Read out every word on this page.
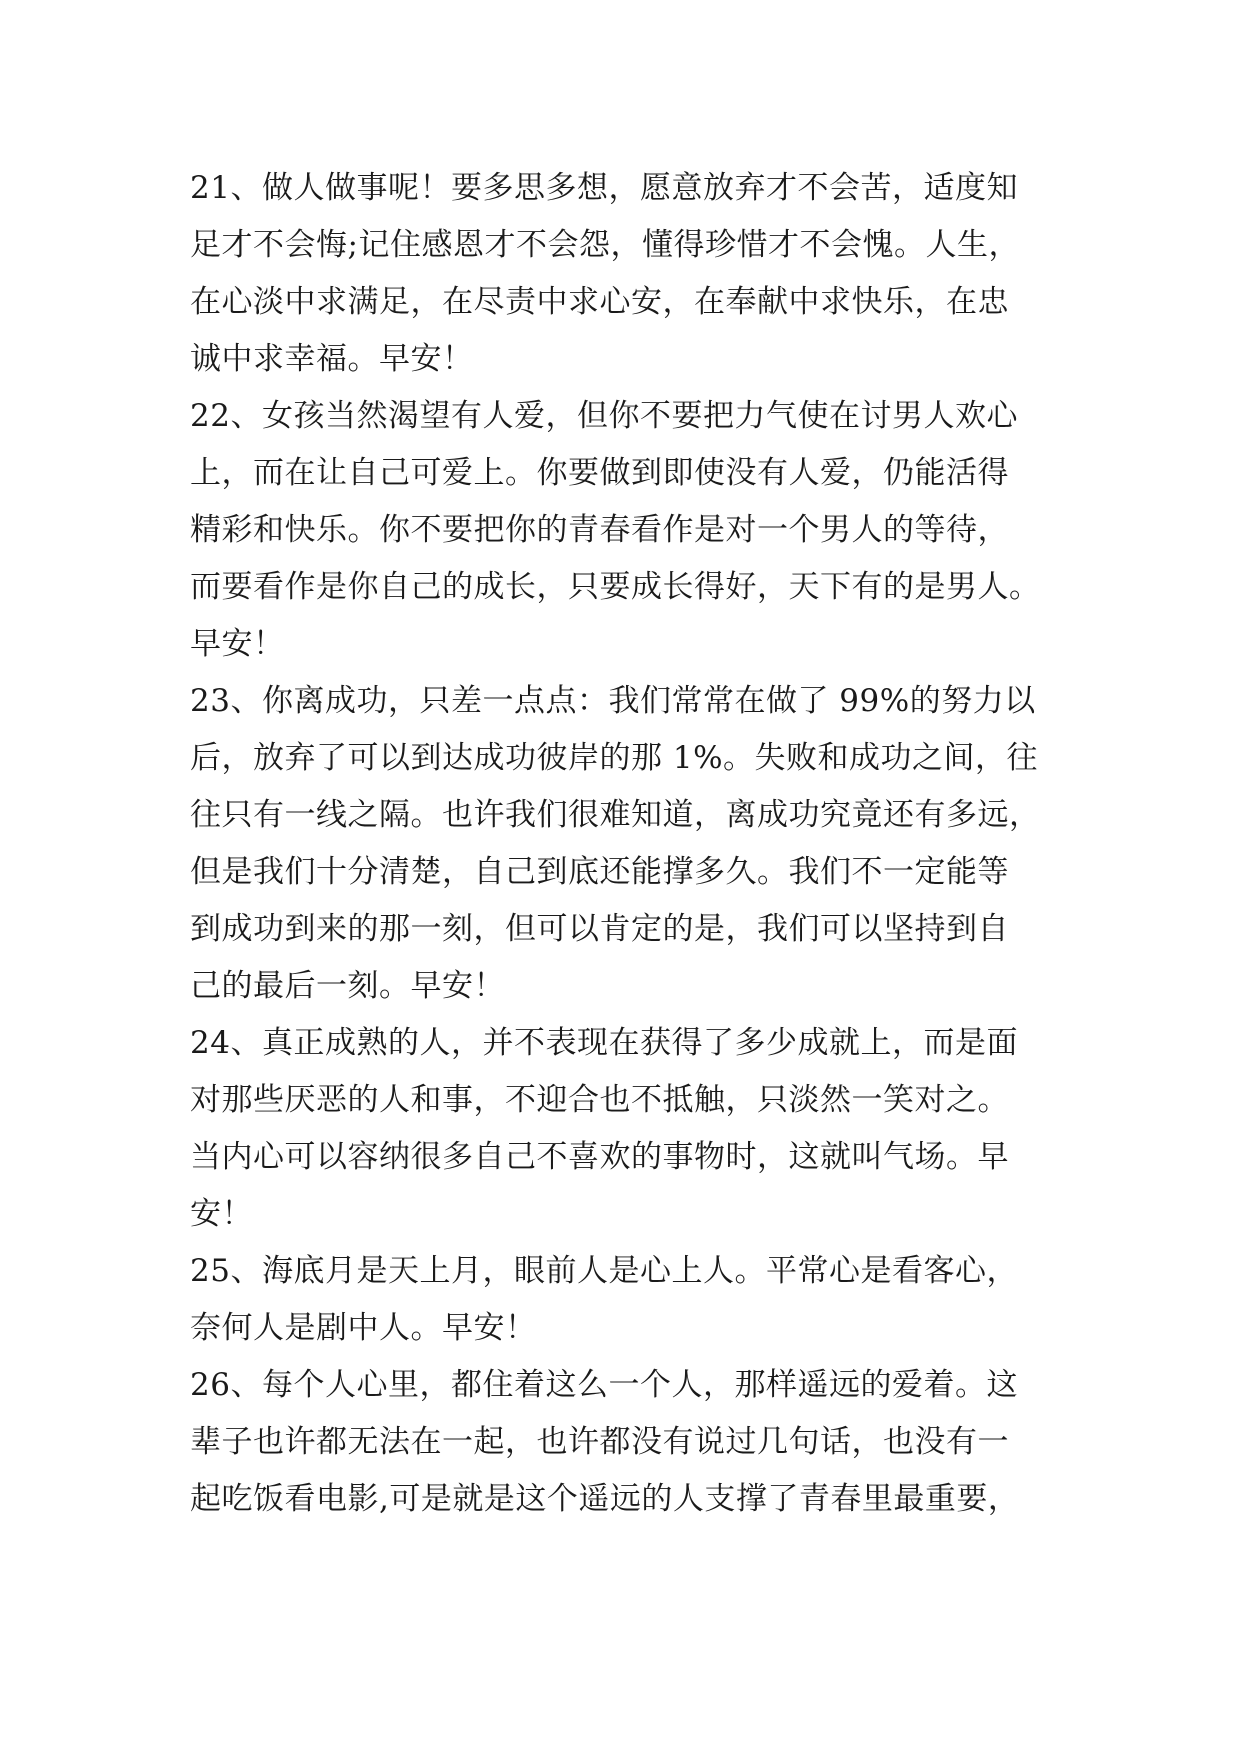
21、做人做事呢！要多思多想，愿意放弃才不会苦，适度知
足才不会悔;记住感恩才不会怨，懂得珍惜才不会愧。人生，
在心淡中求满足，在尽责中求心安，在奉献中求快乐，在忠
诚中求幸福。早安！
22、女孩当然渴望有人爱，但你不要把力气使在讨男人欢心
上，而在让自己可爱上。你要做到即使没有人爱，仍能活得
精彩和快乐。你不要把你的青春看作是对一个男人的等待，
而要看作是你自己的成长，只要成长得好，天下有的是男人。
早安！
23、你离成功，只差一点点：我们常常在做了 99%的努力以
后，放弃了可以到达成功彼岸的那 1%。失败和成功之间，往
往只有一线之隔。也许我们很难知道，离成功究竟还有多远，
但是我们十分清楚，自己到底还能撑多久。我们不一定能等
到成功到来的那一刻，但可以肯定的是，我们可以坚持到自
己的最后一刻。早安！
24、真正成熟的人，并不表现在获得了多少成就上，而是面
对那些厌恶的人和事，不迎合也不抵触，只淡然一笑对之。
当内心可以容纳很多自己不喜欢的事物时，这就叫气场。早
安！
25、海底月是天上月，眼前人是心上人。平常心是看客心，
奈何人是剧中人。早安！
26、每个人心里，都住着这么一个人，那样遥远的爱着。这
辈子也许都无法在一起，也许都没有说过几句话，也没有一
起吃饭看电影,可是就是这个遥远的人支撑了青春里最重要，
